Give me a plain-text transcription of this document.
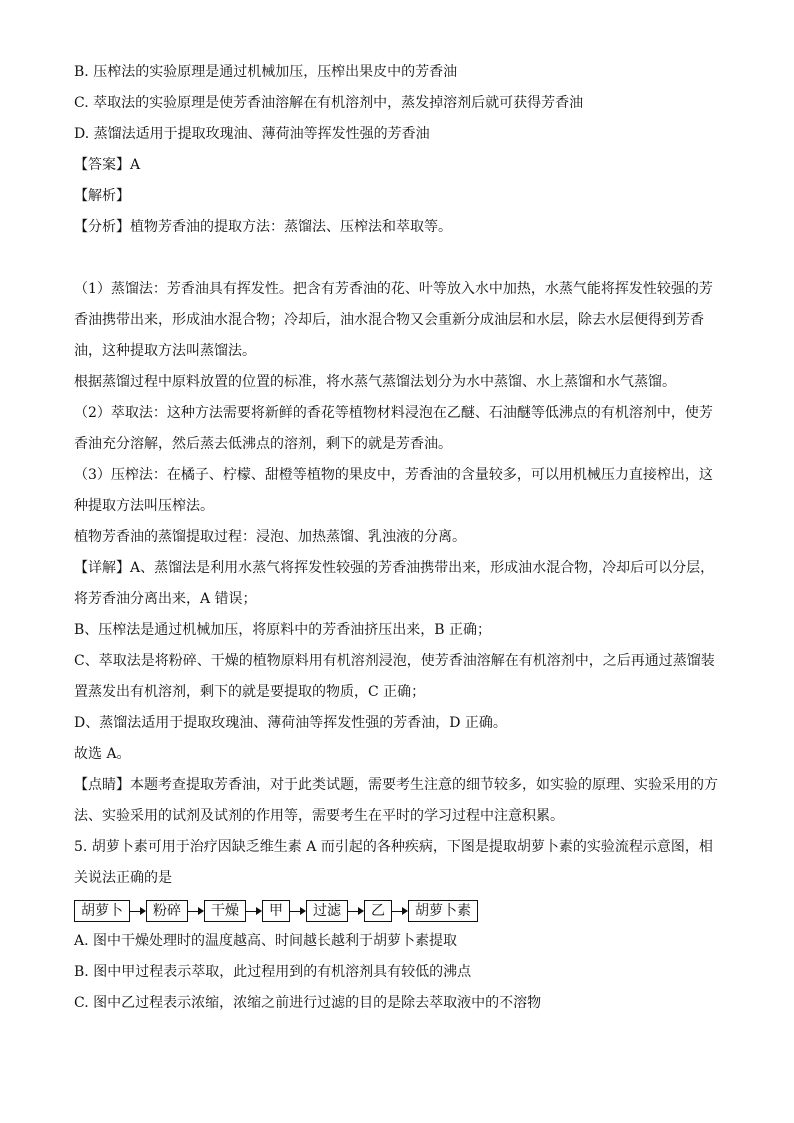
B. 压榨法的实验原理是通过机械加压，压榨出果皮中的芳香油

C. 萃取法的实验原理是使芳香油溶解在有机溶剂中，蒸发掉溶剂后就可获得芳香油

D. 蒸馏法适用于提取玫瑰油、薄荷油等挥发性强的芳香油

【答案】A

【解析】

【分析】植物芳香油的提取方法：蒸馏法、压榨法和萃取等。

（1）蒸馏法：芳香油具有挥发性。把含有芳香油的花、叶等放入水中加热，水蒸气能将挥发性较强的芳香油携带出来，形成油水混合物；冷却后，油水混合物又会重新分成油层和水层，除去水层便得到芳香油，这种提取方法叫蒸馏法。

根据蒸馏过程中原料放置的位置的标准，将水蒸气蒸馏法划分为水中蒸馏、水上蒸馏和水气蒸馏。

（2）萃取法：这种方法需要将新鲜的香花等植物材料浸泡在乙醚、石油醚等低沸点的有机溶剂中，使芳香油充分溶解，然后蒸去低沸点的溶剂，剩下的就是芳香油。

（3）压榨法：在橘子、柠檬、甜橙等植物的果皮中，芳香油的含量较多，可以用机械压力直接榨出，这种提取方法叫压榨法。

植物芳香油的蒸馏提取过程：浸泡、加热蒸馏、乳浊液的分离。

【详解】A、蒸馏法是利用水蒸气将挥发性较强的芳香油携带出来，形成油水混合物，冷却后可以分层，将芳香油分离出来，A 错误；

B、压榨法是通过机械加压，将原料中的芳香油挤压出来，B 正确；

C、萃取法是将粉碎、干燥的植物原料用有机溶剂浸泡，使芳香油溶解在有机溶剂中，之后再通过蒸馏装置蒸发出有机溶剂，剩下的就是要提取的物质，C 正确；

D、蒸馏法适用于提取玫瑰油、薄荷油等挥发性强的芳香油，D 正确。

故选 A。

【点睛】本题考查提取芳香油，对于此类试题，需要考生注意的细节较多，如实验的原理、实验采用的方法、实验采用的试剂及试剂的作用等，需要考生在平时的学习过程中注意积累。

5. 胡萝卜素可用于治疗因缺乏维生素 A 而引起的各种疾病，下图是提取胡萝卜素的实验流程示意图，相关说法正确的是

胡萝卜	粉碎	干燥	甲	过滤	乙	胡萝卜素

A. 图中干燥处理时的温度越高、时间越长越利于胡萝卜素提取

B. 图中甲过程表示萃取，此过程用到的有机溶剂具有较低的沸点

C. 图中乙过程表示浓缩，浓缩之前进行过滤的目的是除去萃取液中的不溶物
